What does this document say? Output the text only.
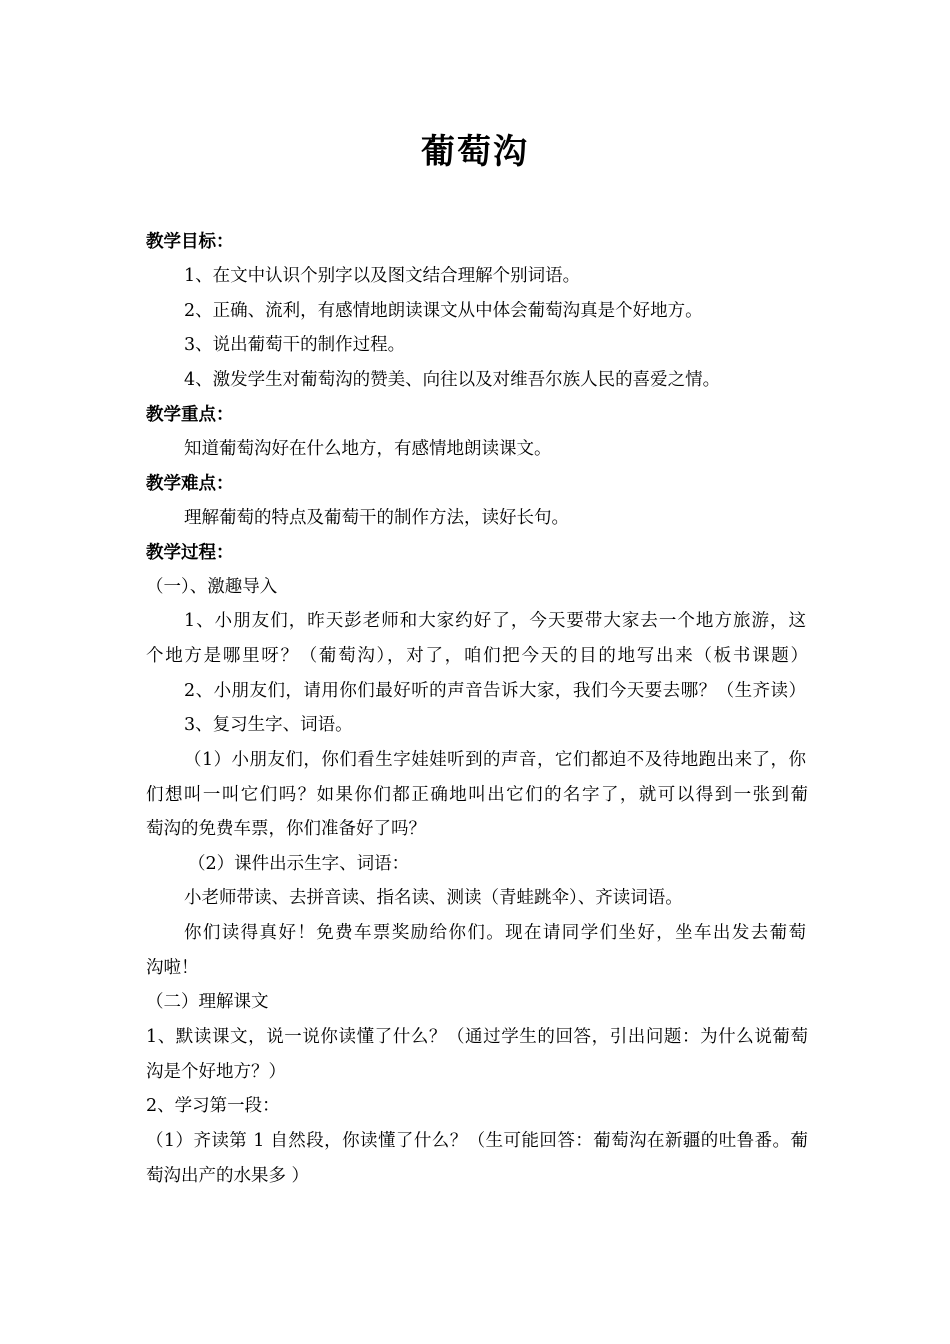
葡萄沟
教学目标：
1、在文中认识个别字以及图文结合理解个别词语。
2、正确、流利，有感情地朗读课文从中体会葡萄沟真是个好地方。
3、说出葡萄干的制作过程。
4、激发学生对葡萄沟的赞美、向往以及对维吾尔族人民的喜爱之情。
教学重点：
知道葡萄沟好在什么地方，有感情地朗读课文。
教学难点：
理解葡萄的特点及葡萄干的制作方法，读好长句。
教学过程：
（一）、激趣导入
1、小朋友们，昨天彭老师和大家约好了，今天要带大家去一个地方旅游，这
个地方是哪里呀？（葡萄沟），对了，咱们把今天的目的地写出来（板书课题）
2、小朋友们，请用你们最好听的声音告诉大家，我们今天要去哪？（生齐读）
3、复习生字、词语。
（1）小朋友们，你们看生字娃娃听到的声音，它们都迫不及待地跑出来了，你
们想叫一叫它们吗？如果你们都正确地叫出它们的名字了，就可以得到一张到葡
萄沟的免费车票，你们准备好了吗？
（2）课件出示生字、词语：
小老师带读、去拼音读、指名读、测读（青蛙跳伞）、齐读词语。
你们读得真好！免费车票奖励给你们。现在请同学们坐好，坐车出发去葡萄
沟啦！
（二）理解课文
1、默读课文，说一说你读懂了什么？（通过学生的回答，引出问题：为什么说葡萄
沟是个好地方？）
2、学习第一段：
（1）齐读第 1 自然段，你读懂了什么？（生可能回答：葡萄沟在新疆的吐鲁番。葡
萄沟出产的水果多 ）
